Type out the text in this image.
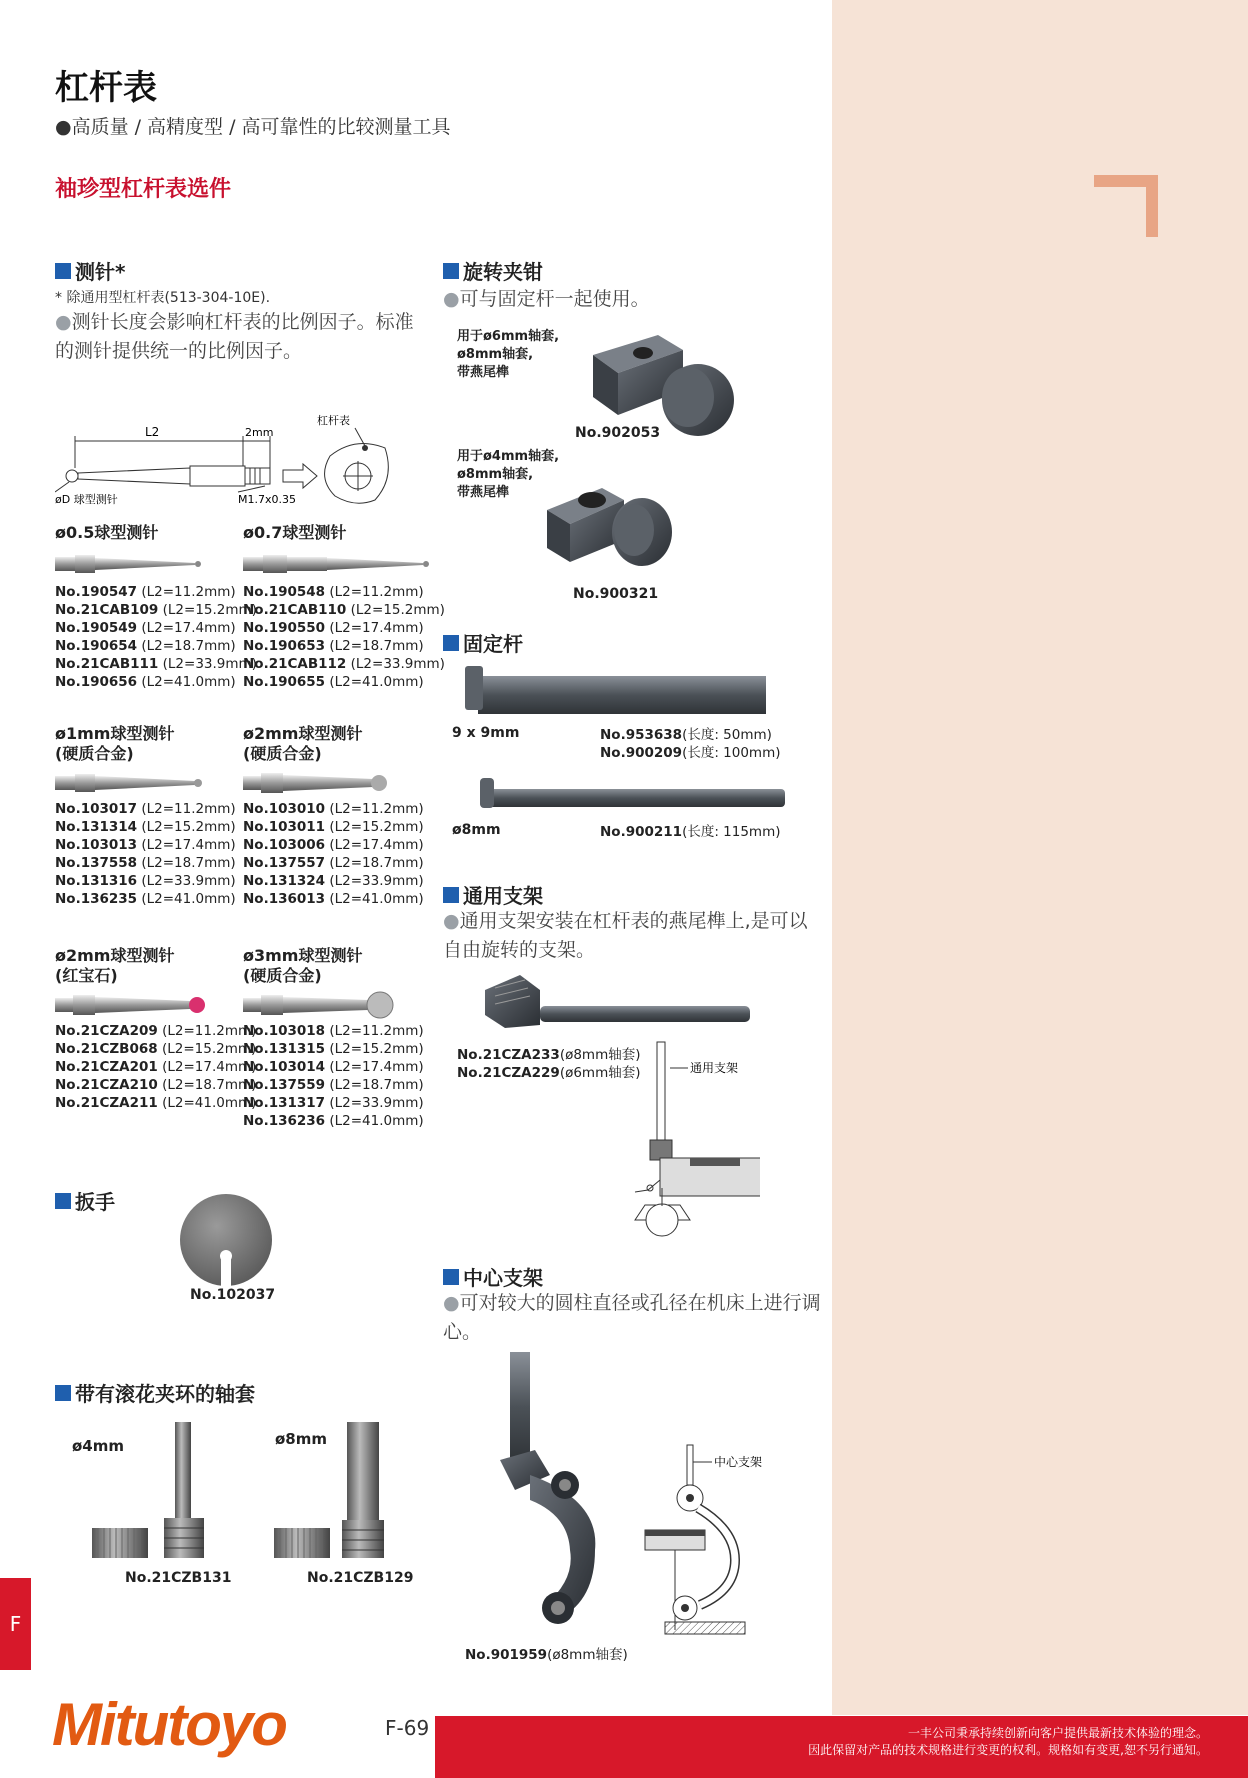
杠杆表
●高质量 / 高精度型 / 高可靠性的比较测量工具
袖珍型杠杆表选件
测针*
* 除通用型杠杆表(513-304-10E).
●测针长度会影响杠杆表的比例因子。标准的测针提供统一的比例因子。
L2	2mm
杠杆表
øD 球型测针	M1.7x0.35
ø0.5球型测针
No.190547 (L2=11.2mm)
No.21CAB109 (L2=15.2mm)
No.190549 (L2=17.4mm)
No.190654 (L2=18.7mm)
No.21CAB111 (L2=33.9mm)
No.190656 (L2=41.0mm)
ø0.7球型测针
No.190548 (L2=11.2mm)
No.21CAB110 (L2=15.2mm)
No.190550 (L2=17.4mm)
No.190653 (L2=18.7mm)
No.21CAB112 (L2=33.9mm)
No.190655 (L2=41.0mm)
ø1mm球型测针
(硬质合金)
No.103017 (L2=11.2mm)
No.131314 (L2=15.2mm)
No.103013 (L2=17.4mm)
No.137558 (L2=18.7mm)
No.131316 (L2=33.9mm)
No.136235 (L2=41.0mm)
ø2mm球型测针
(硬质合金)
No.103010 (L2=11.2mm)
No.103011 (L2=15.2mm)
No.103006 (L2=17.4mm)
No.137557 (L2=18.7mm)
No.131324 (L2=33.9mm)
No.136013 (L2=41.0mm)
ø2mm球型测针
(红宝石)
No.21CZA209 (L2=11.2mm)
No.21CZB068 (L2=15.2mm)
No.21CZA201 (L2=17.4mm)
No.21CZA210 (L2=18.7mm)
No.21CZA211 (L2=41.0mm)
ø3mm球型测针
(硬质合金)
No.103018 (L2=11.2mm)
No.131315 (L2=15.2mm)
No.103014 (L2=17.4mm)
No.137559 (L2=18.7mm)
No.131317 (L2=33.9mm)
No.136236 (L2=41.0mm)
扳手
No.102037
带有滚花夹环的轴套
ø4mm	ø8mm
No.21CZB131	No.21CZB129
旋转夹钳
●可与固定杆一起使用。
用于ø6mm轴套,
ø8mm轴套,
带燕尾榫
No.902053
用于ø4mm轴套,
ø8mm轴套,
带燕尾榫
No.900321
固定杆
9 x 9mm	No.953638(长度: 50mm)
No.900209(长度: 100mm)
ø8mm	No.900211(长度: 115mm)
通用支架
●通用支架安装在杠杆表的燕尾榫上,是可以自由旋转的支架。
No.21CZA233(ø8mm轴套)
No.21CZA229(ø6mm轴套)	通用支架
中心支架
●可对较大的圆柱直径或孔径在机床上进行调心。
No.901959(ø8mm轴套)
中心支架
F
Mitutoyo	F-69	一丰公司秉承持续创新向客户提供最新技术体验的理念。
因此保留对产品的技术规格进行变更的权利。规格如有变更,恕不另行通知。
